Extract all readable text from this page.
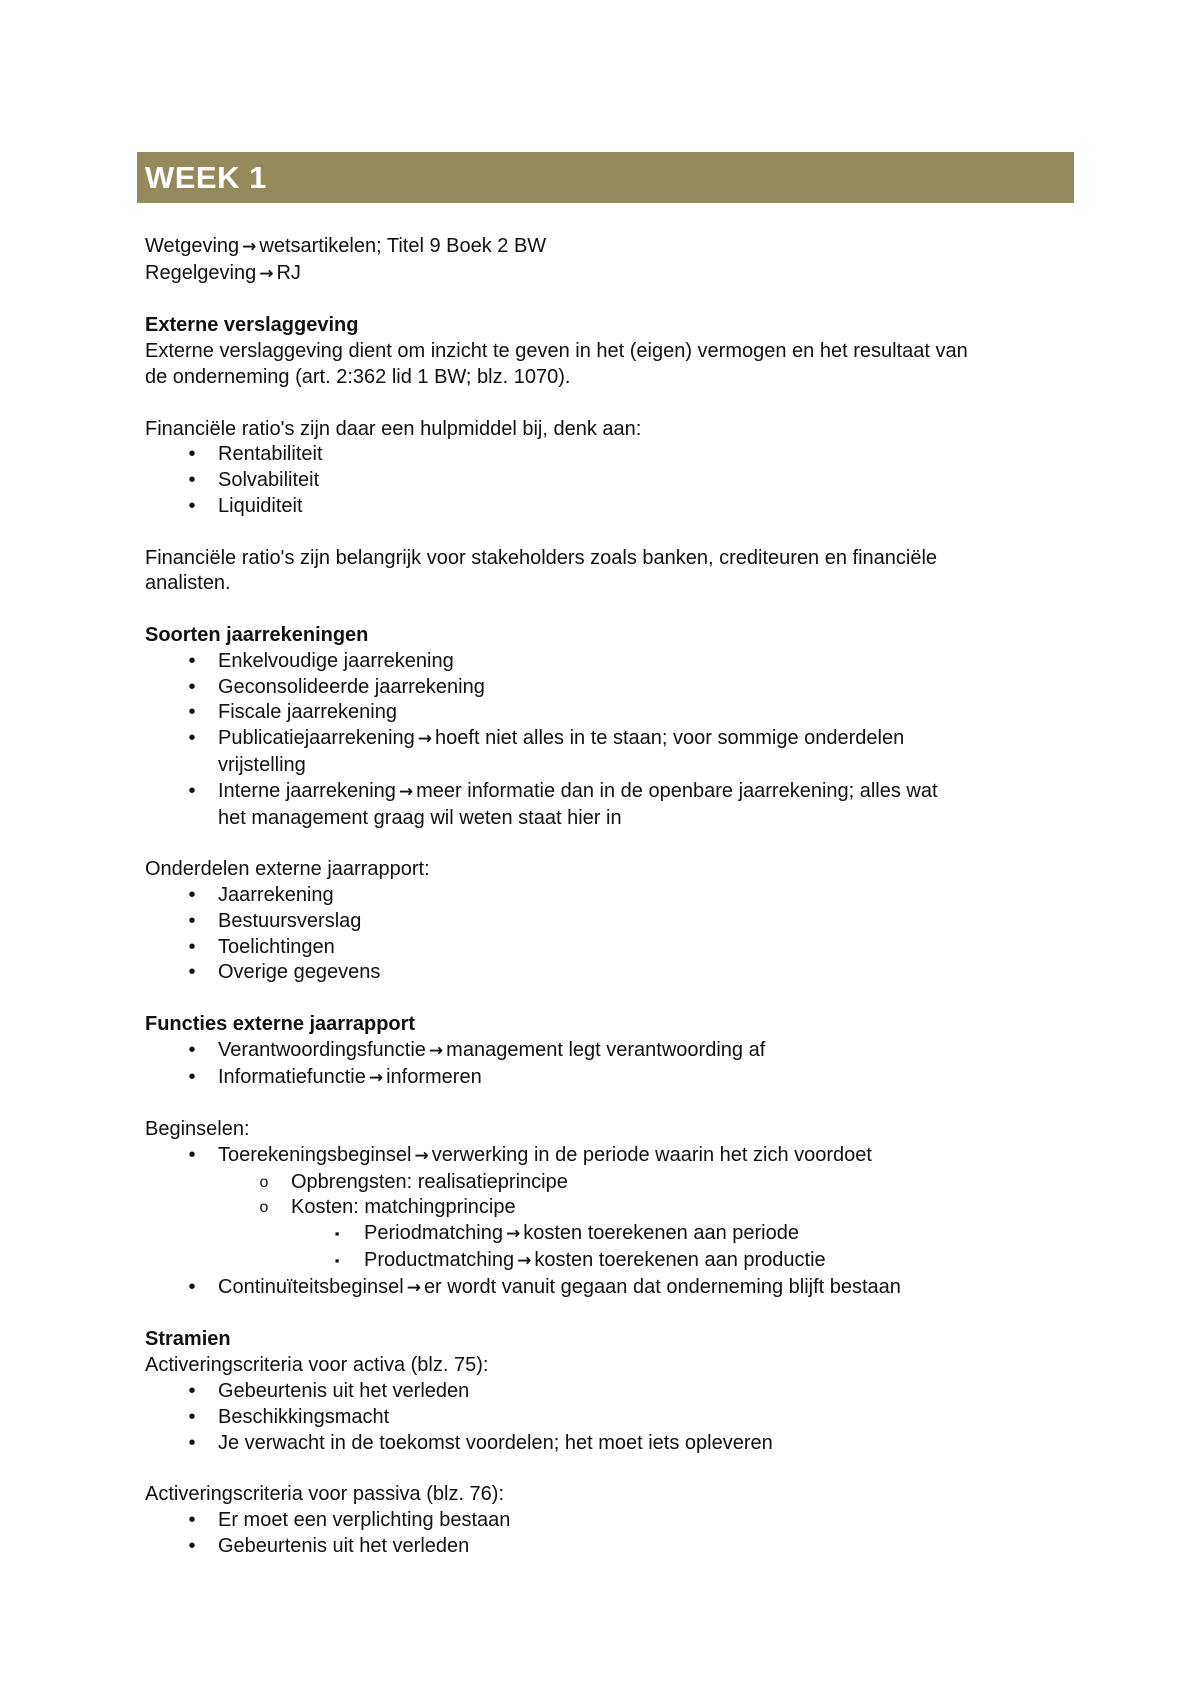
WEEK 1

Wetgeving → wetsartikelen; Titel 9 Boek 2 BW

Regelgeving → RJ

Externe verslaggeving

Externe verslaggeving dient om inzicht te geven in het (eigen) vermogen en het resultaat van

de onderneming (art. 2:362 lid 1 BW; blz. 1070).

Financiële ratio's zijn daar een hulpmiddel bij, denk aan:

•	Rentabiliteit
•	Solvabiliteit
•	Liquiditeit

Financiële ratio's zijn belangrijk voor stakeholders zoals banken, crediteuren en financiële

analisten.

Soorten jaarrekeningen

•	Enkelvoudige jaarrekening
•	Geconsolideerde jaarrekening
•	Fiscale jaarrekening
•	Publicatiejaarrekening → hoeft niet alles in te staan; voor sommige onderdelen
vrijstelling
•	Interne jaarrekening → meer informatie dan in de openbare jaarrekening; alles wat
het management graag wil weten staat hier in

Onderdelen externe jaarrapport:

•	Jaarrekening
•	Bestuursverslag
•	Toelichtingen
•	Overige gegevens

Functies externe jaarrapport

•	Verantwoordingsfunctie → management legt verantwoording af
•	Informatiefunctie → informeren

Beginselen:

•	Toerekeningsbeginsel → verwerking in de periode waarin het zich voordoet
o Opbrengsten: realisatieprincipe
o Kosten: matchingprincipe
▪	Periodmatching → kosten toerekenen aan periode
▪	Productmatching → kosten toerekenen aan productie
•	Continuïteitsbeginsel → er wordt vanuit gegaan dat onderneming blijft bestaan

Stramien

Activeringscriteria voor activa (blz. 75):

•	Gebeurtenis uit het verleden
•	Beschikkingsmacht
•	Je verwacht in de toekomst voordelen; het moet iets opleveren

Activeringscriteria voor passiva (blz. 76):

•	Er moet een verplichting bestaan
•	Gebeurtenis uit het verleden
